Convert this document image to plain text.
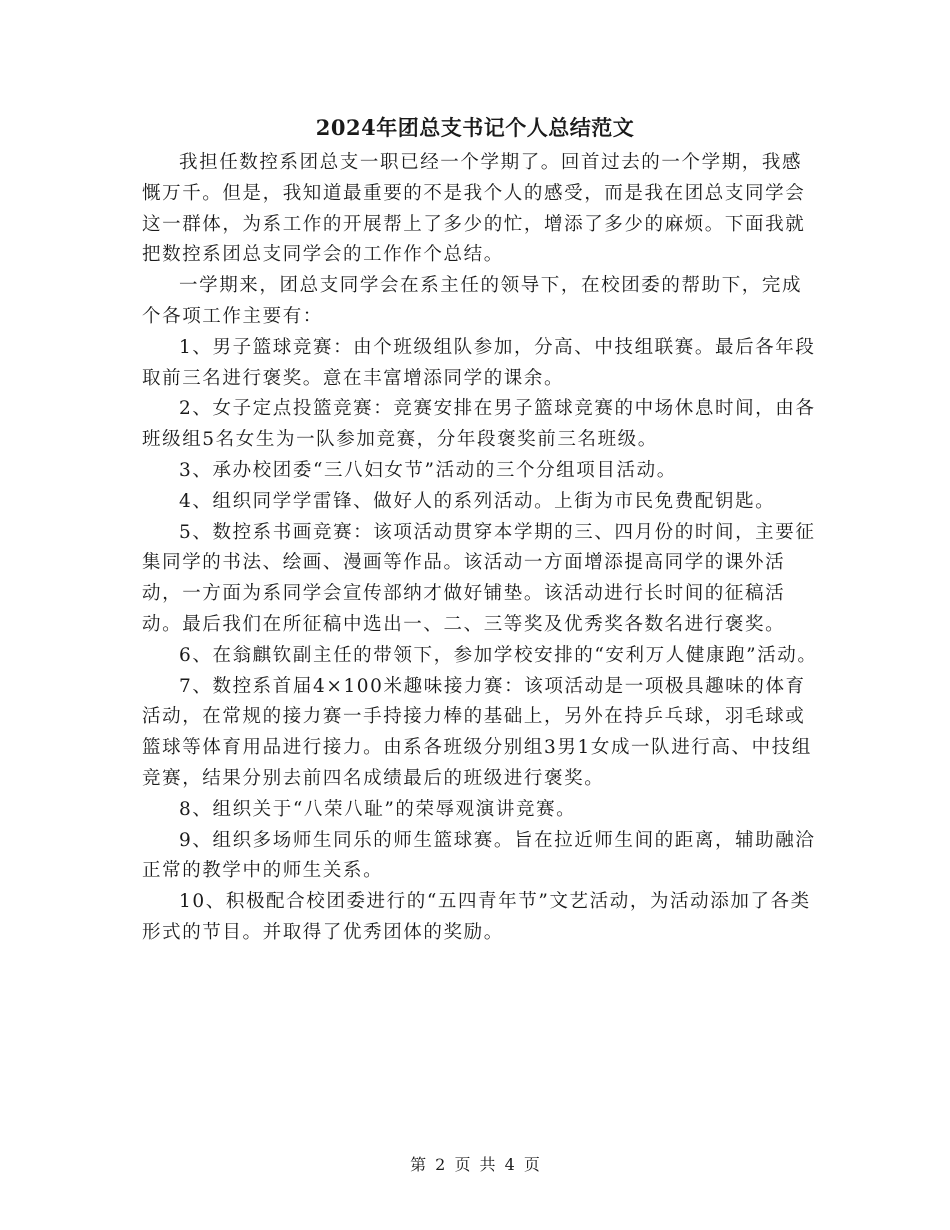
2024年团总支书记个人总结范文

我担任数控系团总支一职已经一个学期了。回首过去的一个学期，我感慨万千。但是，我知道最重要的不是我个人的感受，而是我在团总支同学会这一群体，为系工作的开展帮上了多少的忙，增添了多少的麻烦。下面我就把数控系团总支同学会的工作作个总结。

一学期来，团总支同学会在系主任的领导下，在校团委的帮助下，完成个各项工作主要有：

1、男子篮球竞赛：由个班级组队参加，分高、中技组联赛。最后各年段取前三名进行褒奖。意在丰富增添同学的课余。

2、女子定点投篮竞赛：竞赛安排在男子篮球竞赛的中场休息时间，由各班级组5名女生为一队参加竞赛，分年段褒奖前三名班级。

3、承办校团委“三八妇女节”活动的三个分组项目活动。

4、组织同学学雷锋、做好人的系列活动。上街为市民免费配钥匙。

5、数控系书画竞赛：该项活动贯穿本学期的三、四月份的时间，主要征集同学的书法、绘画、漫画等作品。该活动一方面增添提高同学的课外活动，一方面为系同学会宣传部纳才做好铺垫。该活动进行长时间的征稿活动。最后我们在所征稿中选出一、二、三等奖及优秀奖各数名进行褒奖。

6、在翁麒钦副主任的带领下，参加学校安排的“安利万人健康跑”活动。

7、数控系首届4×100米趣味接力赛：该项活动是一项极具趣味的体育活动，在常规的接力赛一手持接力棒的基础上，另外在持乒乓球，羽毛球或篮球等体育用品进行接力。由系各班级分别组3男1女成一队进行高、中技组竞赛，结果分别去前四名成绩最后的班级进行褒奖。

8、组织关于“八荣八耻”的荣辱观演讲竞赛。

9、组织多场师生同乐的师生篮球赛。旨在拉近师生间的距离，辅助融洽正常的教学中的师生关系。

10、积极配合校团委进行的“五四青年节”文艺活动，为活动添加了各类形式的节目。并取得了优秀团体的奖励。

第 2 页 共 4 页
